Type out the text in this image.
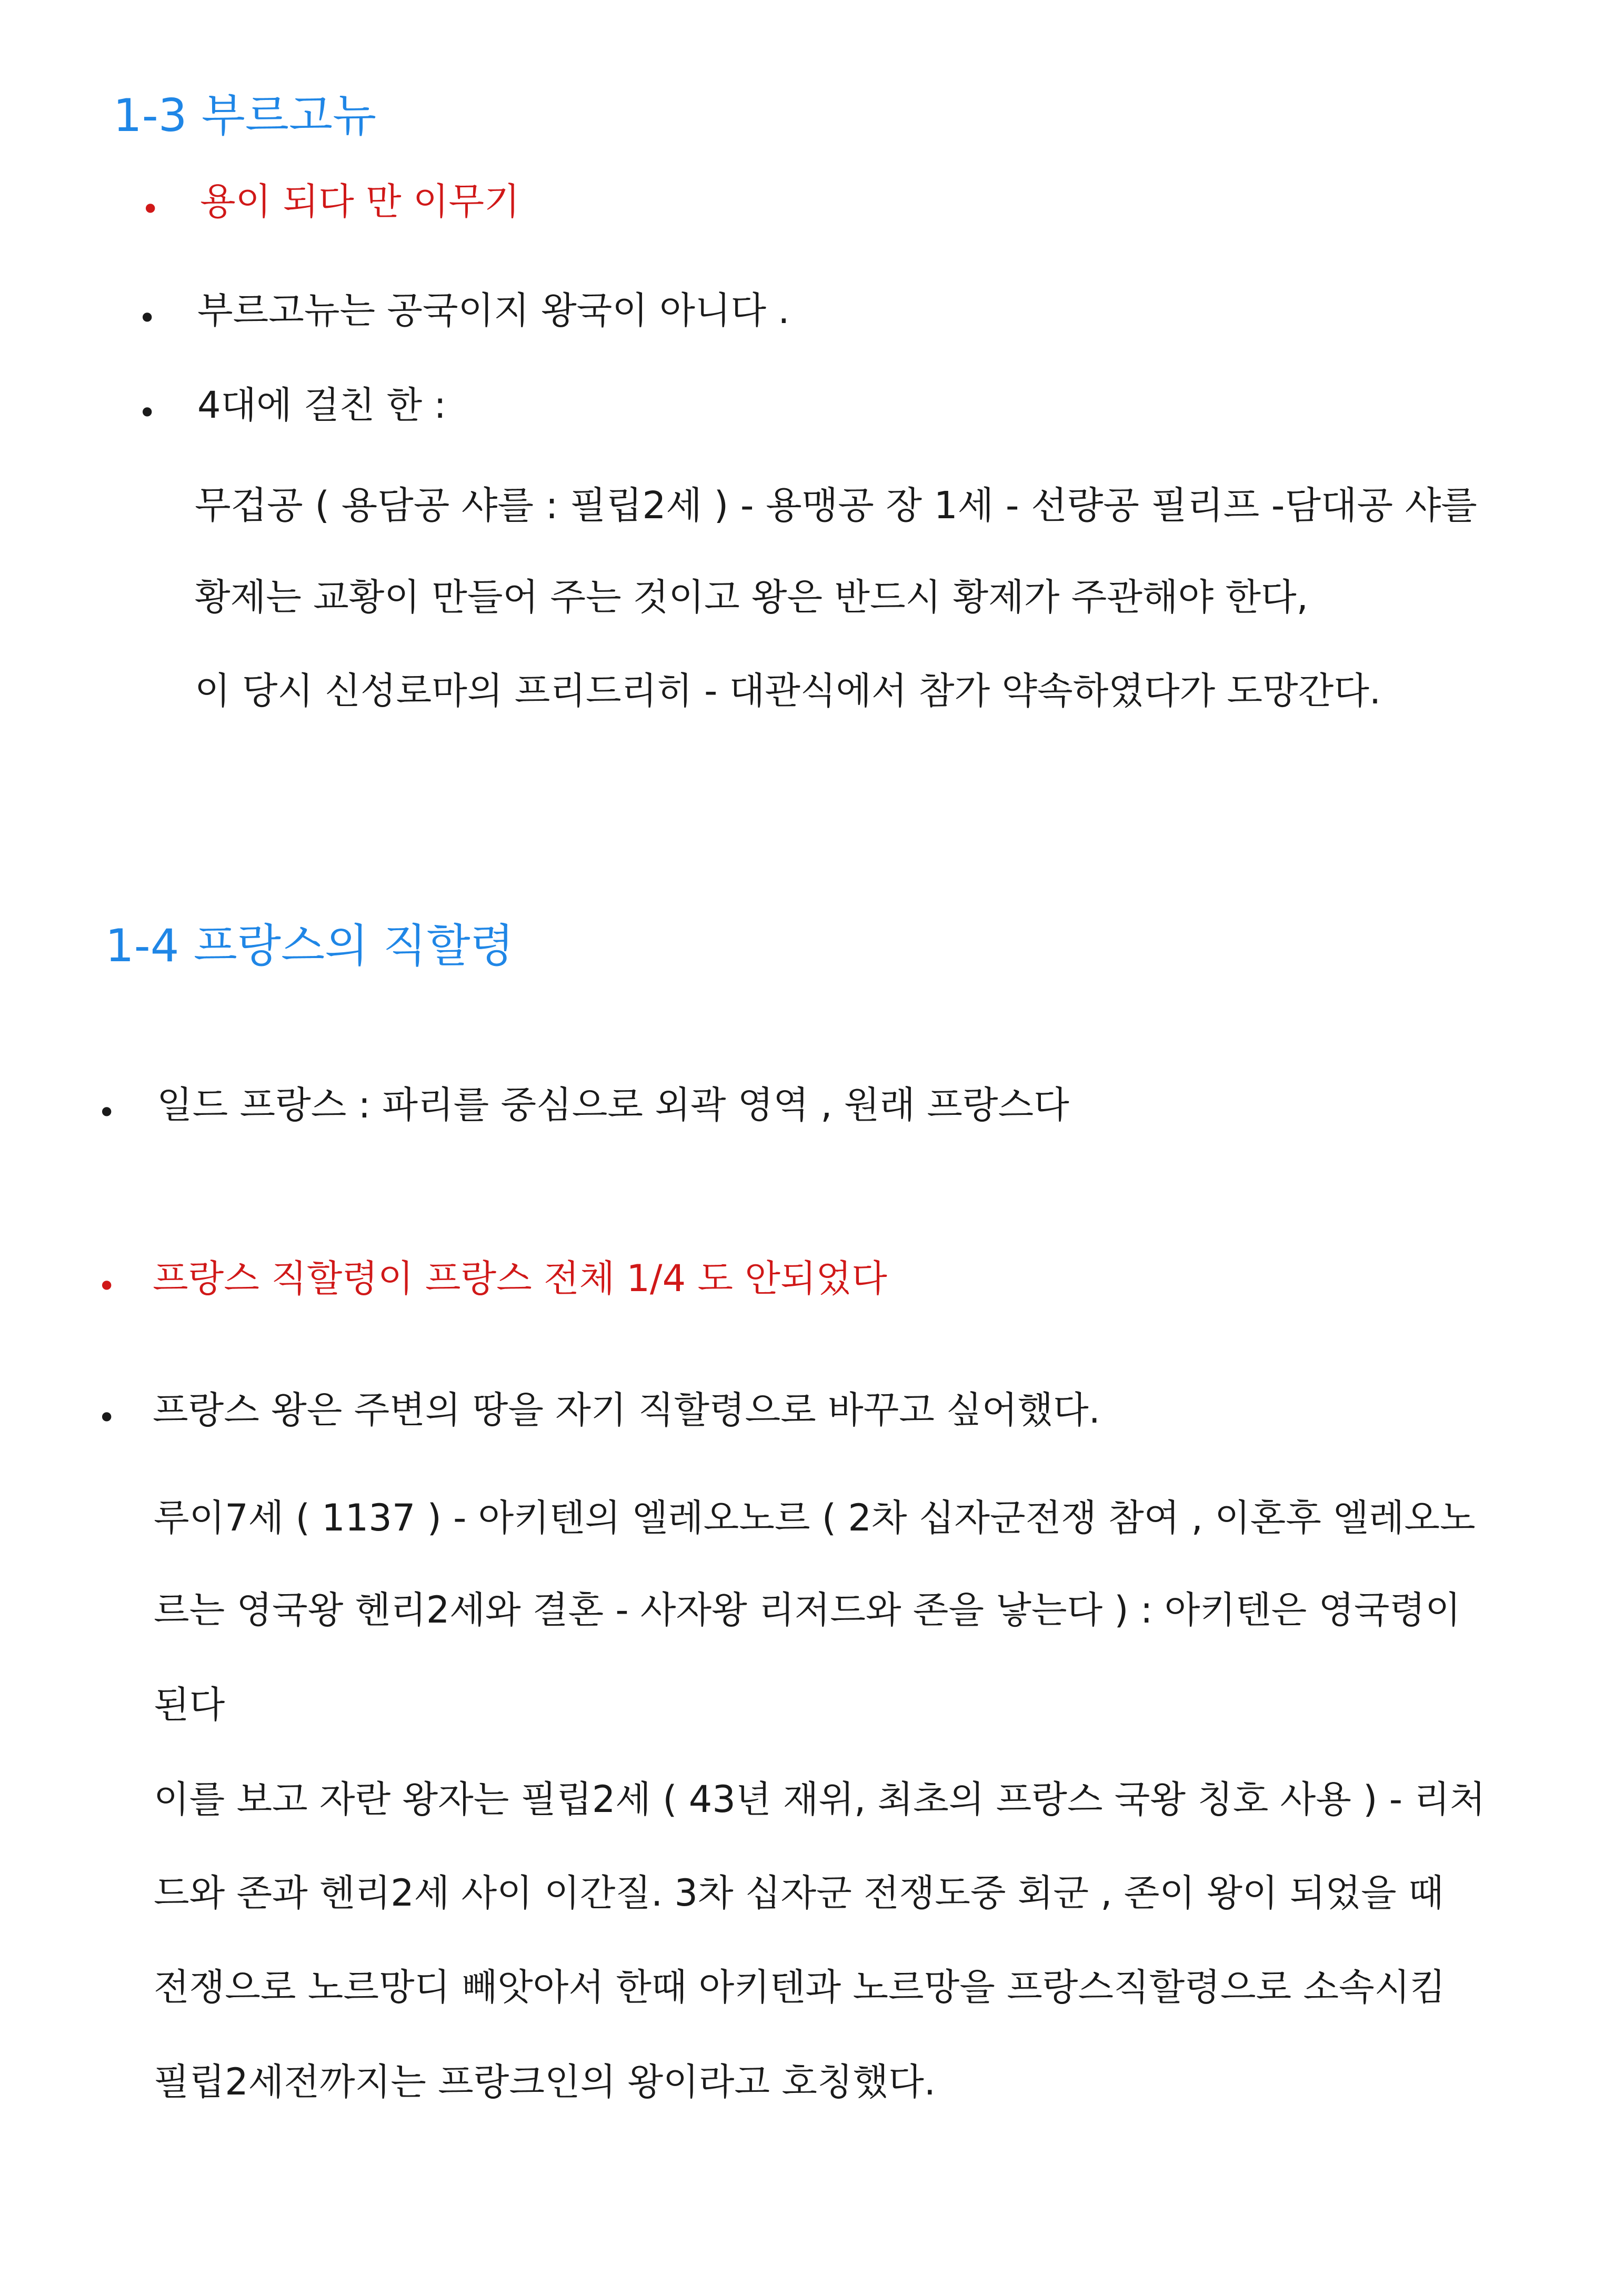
1-3 부르고뉴
• 용이 되다 만 이무기
• 부르고뉴는 공국이지 왕국이 아니다 .
• 4대에 걸친 한 :
무겁공 ( 용담공 샤를 : 필립2세 ) - 용맹공 장 1세 - 선량공 필리프 -담대공 샤를
황제는 교황이 만들어 주는 것이고 왕은 반드시 황제가 주관해야 한다,
이 당시 신성로마의 프리드리히 - 대관식에서 참가 약속하였다가 도망간다.
1-4 프랑스의 직할령
• 일드 프랑스 : 파리를 중심으로 외곽 영역 , 원래 프랑스다
• 프랑스 직할령이 프랑스 전체 1/4 도 안되었다
• 프랑스 왕은 주변의 땅을 자기 직할령으로 바꾸고 싶어했다.
루이7세 ( 1137 ) - 아키텐의 엘레오노르 ( 2차 십자군전쟁 참여 , 이혼후 엘레오노
르는 영국왕 헨리2세와 결혼 - 사자왕 리저드와 존을 낳는다 ) : 아키텐은 영국령이
된다
이를 보고 자란 왕자는 필립2세 ( 43년 재위, 최초의 프랑스 국왕 칭호 사용 ) - 리처
드와 존과 헨리2세 사이 이간질. 3차 십자군 전쟁도중 회군 , 존이 왕이 되었을 때
전쟁으로 노르망디 빼앗아서 한때 아키텐과 노르망을 프랑스직할령으로 소속시킴
필립2세전까지는 프랑크인의 왕이라고 호칭했다.
